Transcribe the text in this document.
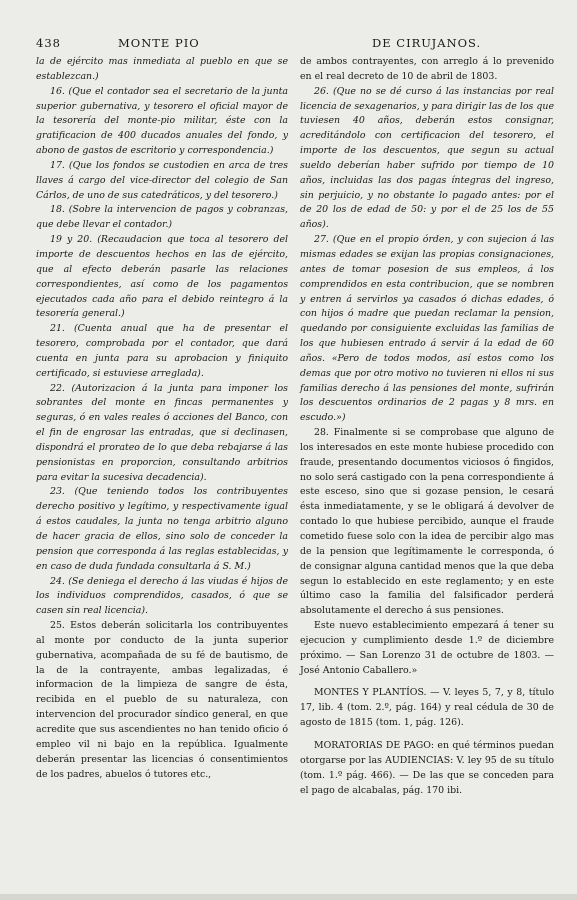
438	MONTE PIO	DE CIRUJANOS.

la de ejército mas inmediata al pueblo en que se establezcan.)

16. (Que el contador sea el secretario de la junta superior gubernativa, y tesorero el oficial mayor de la tesorería del monte-pio militar, éste con la gratificacion de 400 ducados anuales del fondo, y abono de gastos de escritorio y correspondencia.)

17. (Que los fondos se custodien en arca de tres llaves á cargo del vice-director del colegio de San Cárlos, de uno de sus catedráticos, y del tesorero.)

18. (Sobre la intervencion de pagos y cobranzas, que debe llevar el contador.)

19 y 20. (Recaudacion que toca al tesorero del importe de descuentos hechos en las de ejército, que al efecto deberán pasarle las relaciones correspondientes, así como de los pagamentos ejecutados cada año para el debido reintegro á la tesorería general.)

21. (Cuenta anual que ha de presentar el tesorero, comprobada por el contador, que dará cuenta en junta para su aprobacion y finiquito certificado, si estuviese arreglada).

22. (Autorizacion á la junta para imponer los sobrantes del monte en fincas permanentes y seguras, ó en vales reales ó acciones del Banco, con el fin de engrosar las entradas, que si declinasen, dispondrá el prorateo de lo que deba rebajarse á las pensionistas en proporcion, consultando arbitrios para evitar la sucesiva decadencia).

23. (Que teniendo todos los contribuyentes derecho positivo y legítimo, y respectivamente igual á estos caudales, la junta no tenga arbitrio alguno de hacer gracia de ellos, sino solo de conceder la pension que corresponda á las reglas establecidas, y en caso de duda fundada consultarla á S. M.)

24. (Se deniega el derecho á las viudas é hijos de los individuos comprendidos, casados, ó que se casen sin real licencia).

25. Estos deberán solicitarla los contribuyentes al monte por conducto de la junta superior gubernativa, acompañada de su fé de bautismo, de la de la contrayente, ambas legalizadas, é informacion de la limpieza de sangre de ésta, recibida en el pueblo de su naturaleza, con intervencion del procurador síndico general, en que acredite que sus ascendientes no han tenido oficio ó empleo vil ni bajo en la república. Igualmente deberán presentar las licencias ó consentimientos de los padres, abuelos ó tutores etc.,

de ambos contrayentes, con arreglo á lo prevenido en el real decreto de 10 de abril de 1803.

26. (Que no se dé curso á las instancias por real licencia de sexagenarios, y para dirigir las de los que tuviesen 40 años, deberán estos consignar, acreditándolo con certificacion del tesorero, el importe de los descuentos, que segun su actual sueldo deberían haber sufrido por tiempo de 10 años, incluidas las dos pagas íntegras del ingreso, sin perjuicio, y no obstante lo pagado antes: por el de 20 los de edad de 50: y por el de 25 los de 55 años).

27. (Que en el propio órden, y con sujecion á las mismas edades se exijan las propias consignaciones, antes de tomar posesion de sus empleos, á los comprendidos en esta contribucion, que se nombren y entren á servirlos ya casados ó dichas edades, ó con hijos ó madre que puedan reclamar la pension, quedando por consiguiente excluidas las familias de los que hubiesen entrado á servir á la edad de 60 años. «Pero de todos modos, así estos como los demas que por otro motivo no tuvieren ni ellos ni sus familias derecho á las pensiones del monte, sufrirán los descuentos ordinarios de 2 pagas y 8 mrs. en escudo.»)

28. Finalmente si se comprobase que alguno de los interesados en este monte hubiese procedido con fraude, presentando documentos viciosos ó fingidos, no solo será castigado con la pena correspondiente á este esceso, sino que si gozase pension, le cesará ésta inmediatamente, y se le obligará á devolver de contado lo que hubiese percibido, aunque el fraude cometido fuese solo con la idea de percibir algo mas de la pension que legítimamente le corresponda, ó de consignar alguna cantidad menos que la que deba segun lo establecido en este reglamento; y en este último caso la familia del falsificador perderá absolutamente el derecho á sus pensiones.

Este nuevo establecimiento empezará á tener su ejecucion y cumplimiento desde 1.º de diciembre próximo. — San Lorenzo 31 de octubre de 1803. — José Antonio Caballero.»

MONTES Y PLANTÍOS. — V. leyes 5, 7, y 8, título 17, lib. 4 (tom. 2.º, pág. 164) y real cédula de 30 de agosto de 1815 (tom. 1, pág. 126).

MORATORIAS DE PAGO: en qué términos puedan otorgarse por las AUDIENCIAS: V. ley 95 de su título (tom. 1.º pág. 466). — De las que se conceden para el pago de alcabalas, pág. 170 ibi.
